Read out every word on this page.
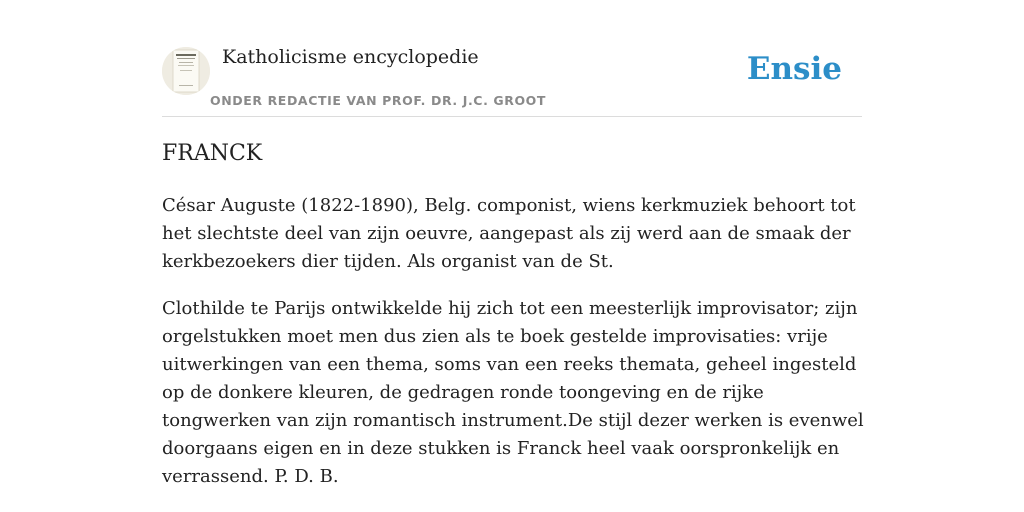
Katholicisme encyclopedie
ONDER REDACTIE VAN PROF. DR. J.C. GROOT
Ensie
FRANCK

César Auguste (1822-1890), Belg. componist, wiens kerkmuziek behoort tot het slechtste deel van zijn oeuvre, aangepast als zij werd aan de smaak der kerkbezoekers dier tijden. Als organist van de St.

Clothilde te Parijs ontwikkelde hij zich tot een meesterlijk improvisator; zijn orgelstukken moet men dus zien als te boek gestelde improvisaties: vrije uitwerkingen van een thema, soms van een reeks themata, geheel ingesteld op de donkere kleuren, de gedragen ronde toongeving en de rijke tongwerken van zijn romantisch instrument.De stijl dezer werken is evenwel doorgaans eigen en in deze stukken is Franck heel vaak oorspronkelijk en verrassend. P. D. B.
